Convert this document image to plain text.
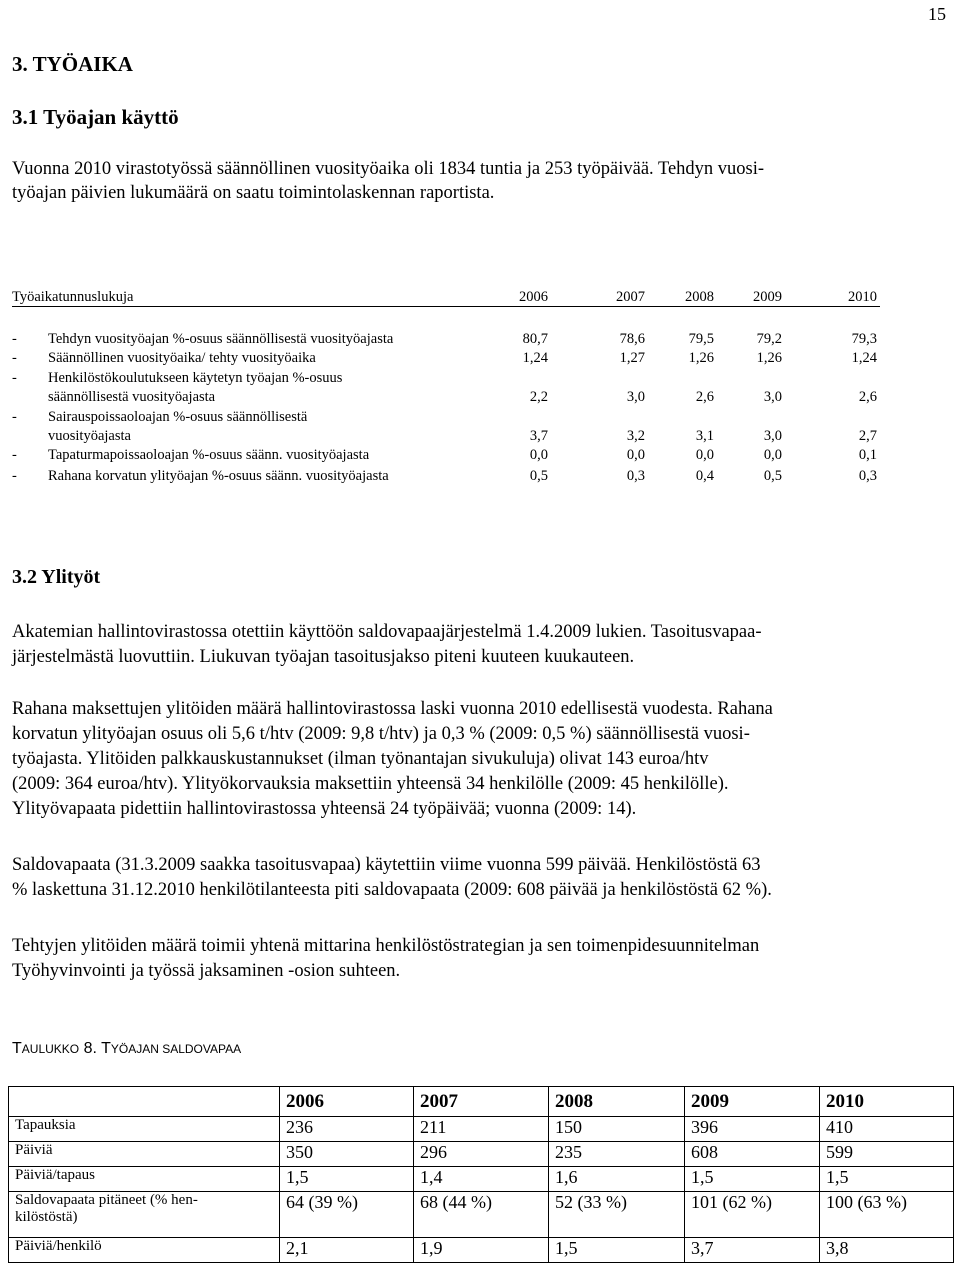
15
3. TYÖAIKA
3.1 Työajan käyttö
Vuonna 2010 virastotyössä säännöllinen vuosityöaika oli 1834 tuntia ja 253 työpäivää. Tehdyn vuosi-
työajan päivien lukumäärä on saatu toimintolaskennan raportista.
Työaikatunnuslukuja	2006	2007	2008	2009	2010
- Tehdyn vuosityöajan %-osuus säännöllisestä vuosityöajasta	80,7	78,6	79,5	79,2	79,3
- Säännöllinen vuosityöaika/ tehty vuosityöaika	1,24	1,27	1,26	1,26	1,24
- Henkilöstökoulutukseen käytetyn työajan %-osuus
säännöllisestä vuosityöajasta	2,2	3,0	2,6	3,0	2,6
- Sairauspoissaoloajan %-osuus säännöllisestä
vuosityöajasta	3,7	3,2	3,1	3,0	2,7
- Tapaturmapoissaoloajan %-osuus säänn. vuosityöajasta	0,0	0,0	0,0	0,0	0,1
- Rahana korvatun ylityöajan %-osuus säänn. vuosityöajasta	0,5	0,3	0,4	0,5	0,3
3.2 Ylityöt
Akatemian hallintovirastossa otettiin käyttöön saldovapaajärjestelmä 1.4.2009 lukien. Tasoitusvapaa-
järjestelmästä luovuttiin. Liukuvan työajan tasoitusjakso piteni kuuteen kuukauteen.
Rahana maksettujen ylitöiden määrä hallintovirastossa laski vuonna 2010 edellisestä vuodesta. Rahana
korvatun ylityöajan osuus oli 5,6 t/htv (2009: 9,8 t/htv) ja 0,3 % (2009: 0,5 %) säännöllisestä vuosi-
työajasta. Ylitöiden palkkauskustannukset (ilman työnantajan sivukuluja) olivat 143 euroa/htv
(2009: 364 euroa/htv). Ylityökorvauksia maksettiin yhteensä 34 henkilölle (2009: 45 henkilölle).
Ylityövapaata pidettiin hallintovirastossa yhteensä 24 työpäivää; vuonna (2009: 14).
Saldovapaata (31.3.2009 saakka tasoitusvapaa) käytettiin viime vuonna 599 päivää. Henkilöstöstä 63
% laskettuna 31.12.2010 henkilötilanteesta piti saldovapaata (2009: 608 päivää ja henkilöstöstä 62 %).
Tehtyjen ylitöiden määrä toimii yhtenä mittarina henkilöstöstrategian ja sen toimenpidesuunnitelman
Työhyvinvointi ja työssä jaksaminen -osion suhteen.
TAULUKKO 8. TYÖAJAN SALDOVAPAA
	2006	2007	2008	2009	2010
Tapauksia	236	211	150	396	410
Päiviä	350	296	235	608	599
Päiviä/tapaus	1,5	1,4	1,6	1,5	1,5

Saldovapaata pitäneet (% hen-
kilöstöstä)	64 (39 %)	68 (44 %)	52 (33 %)	101 (62 %)	100 (63 %)
Päiviä/henkilö	2,1	1,9	1,5	3,7	3,8
